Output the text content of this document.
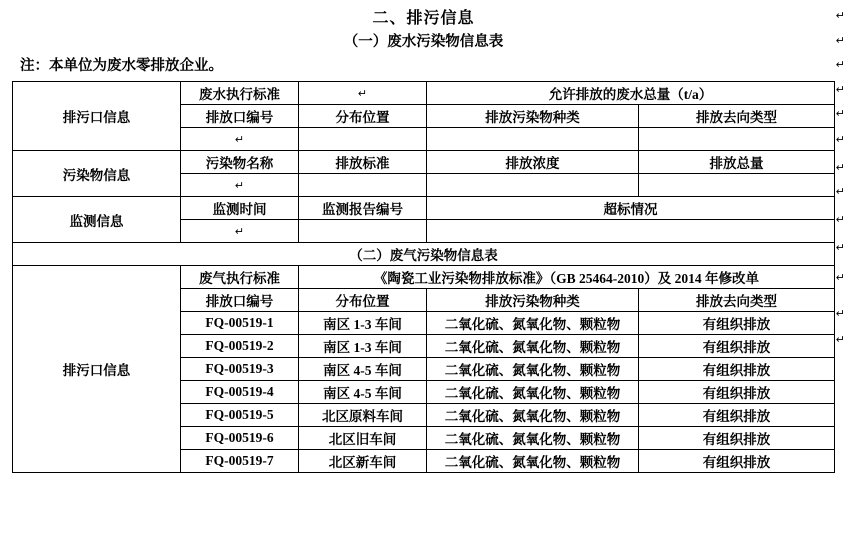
二、排污信息
（一）废水污染物信息表
注：本单位为废水零排放企业。
排污口信息	废水执行标准	↵	允许排放的废水总量（t/a）	
	排放口编号	分布位置	排放污染物种类	排放去向类型
	↵			
污染物信息	污染物名称	排放标准	排放浓度	排放总量
	↵			
监测信息	监测时间	监测报告编号	超标情况	
	↵			
（二）废气污染物信息表				
排污口信息	废气执行标准	《陶瓷工业污染物排放标准》（GB 25464-2010）及 2014 年修改单		
	排放口编号	分布位置	排放污染物种类	排放去向类型
	FQ-00519-1	南区 1-3 车间	二氧化硫、氮氧化物、颗粒物	有组织排放
	FQ-00519-2	南区 1-3 车间	二氧化硫、氮氧化物、颗粒物	有组织排放
	FQ-00519-3	南区 4-5 车间	二氧化硫、氮氧化物、颗粒物	有组织排放
	FQ-00519-4	南区 4-5 车间	二氧化硫、氮氧化物、颗粒物	有组织排放
	FQ-00519-5	北区原料车间	二氧化硫、氮氧化物、颗粒物	有组织排放
	FQ-00519-6	北区旧车间	二氧化硫、氮氧化物、颗粒物	有组织排放
	FQ-00519-7	北区新车间	二氧化硫、氮氧化物、颗粒物	有组织排放
↵
↵
↵
↵
↵
↵
↵
↵
↵
↵
↵
↵
↵
